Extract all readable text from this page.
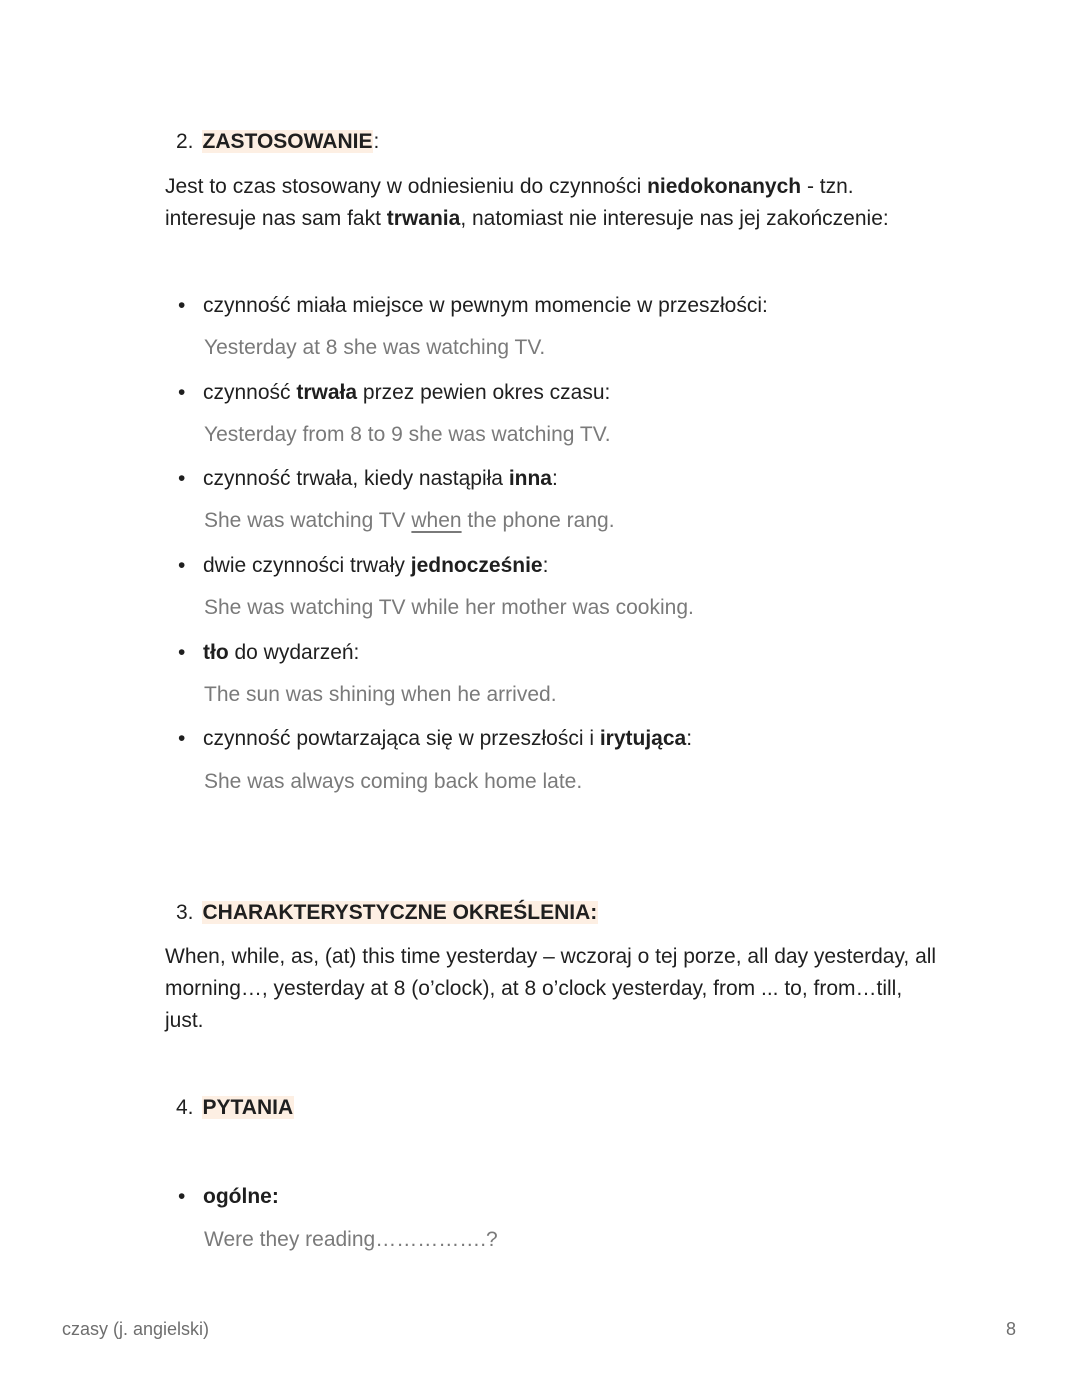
2. ZASTOSOWANIE:
Jest to czas stosowany w odniesieniu do czynności niedokonanych - tzn.
interesuje nas sam fakt trwania, natomiast nie interesuje nas jej zakończenie:
• czynność miała miejsce w pewnym momencie w przeszłości:
Yesterday at 8 she was watching TV.
• czynność trwała przez pewien okres czasu:
Yesterday from 8 to 9 she was watching TV.
• czynność trwała, kiedy nastąpiła inna:
She was watching TV when the phone rang.
• dwie czynności trwały jednocześnie:
She was watching TV while her mother was cooking.
• tło do wydarzeń:
The sun was shining when he arrived.
• czynność powtarzająca się w przeszłości i irytująca:
She was always coming back home late.
3. CHARAKTERYSTYCZNE OKREŚLENIA:
When, while, as, (at) this time yesterday – wczoraj o tej porze, all day yesterday, all
morning…, yesterday at 8 (o’clock), at 8 o’clock yesterday, from ... to, from…till,
just.
4. PYTANIA
• ogólne:
Were they reading…………….?
czasy (j. angielski)	8
